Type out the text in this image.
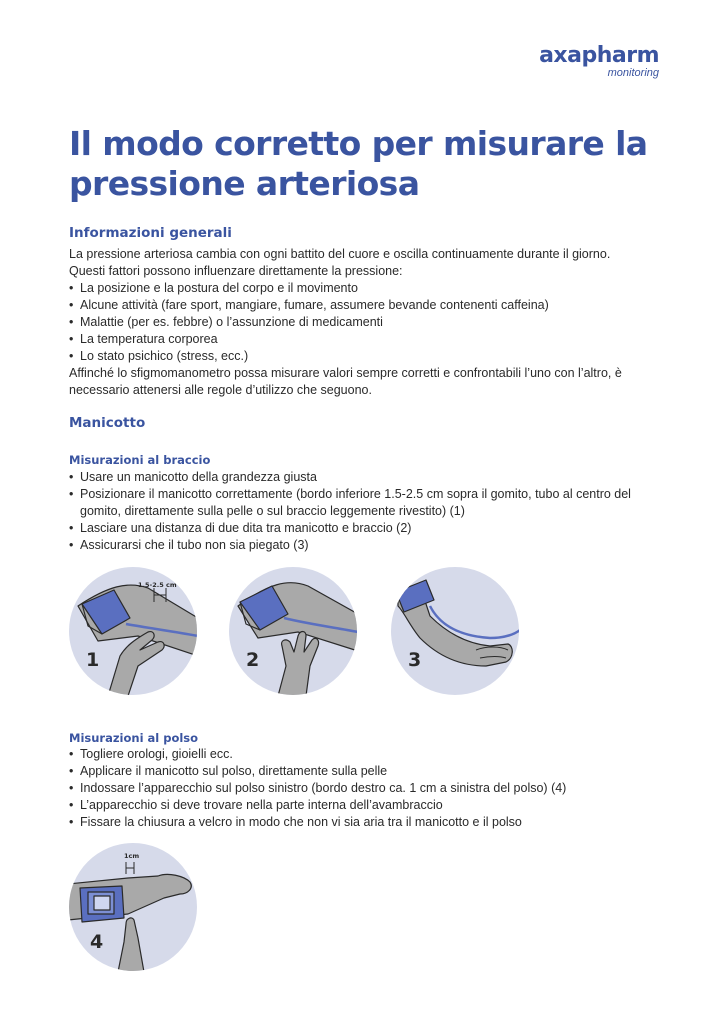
axapharm
monitoring
Il modo corretto per misurare la pressione arteriosa
Informazioni generali

La pressione arteriosa cambia con ogni battito del cuore e oscilla continuamente durante il giorno. Questi fattori possono influenzare direttamente la pressione:

• La posizione e la postura del corpo e il movimento
• Alcune attività (fare sport, mangiare, fumare, assumere bevande contenenti caffeina)
• Malattie (per es. febbre) o l’assunzione di medicamenti
• La temperatura corporea
• Lo stato psichico (stress, ecc.)

Affinché lo sfigmomanometro possa misurare valori sempre corretti e confrontabili l’uno con l’altro, è necessario attenersi alle regole d’utilizzo che seguono.

Manicotto
Misurazioni al braccio
• Usare un manicotto della grandezza giusta
• Posizionare il manicotto correttamente (bordo inferiore 1.5-2.5 cm sopra il gomito, tubo al centro del gomito, direttamente sulla pelle o sul braccio leggemente rivestito) (1)
• Lasciare una distanza di due dita tra manicotto e braccio (2)
• Assicurarsi che il tubo non sia piegato (3)
1.5-2.5 cm
1	2	3
Misurazioni al polso
• Togliere orologi, gioielli ecc.
• Applicare il manicotto sul polso, direttamente sulla pelle
• Indossare l’apparecchio sul polso sinistro (bordo destro ca. 1 cm a sinistra del polso) (4)
• L’apparecchio si deve trovare nella parte interna dell’avambraccio
• Fissare la chiusura a velcro in modo che non vi sia aria tra il manicotto e il polso
1cm
4
